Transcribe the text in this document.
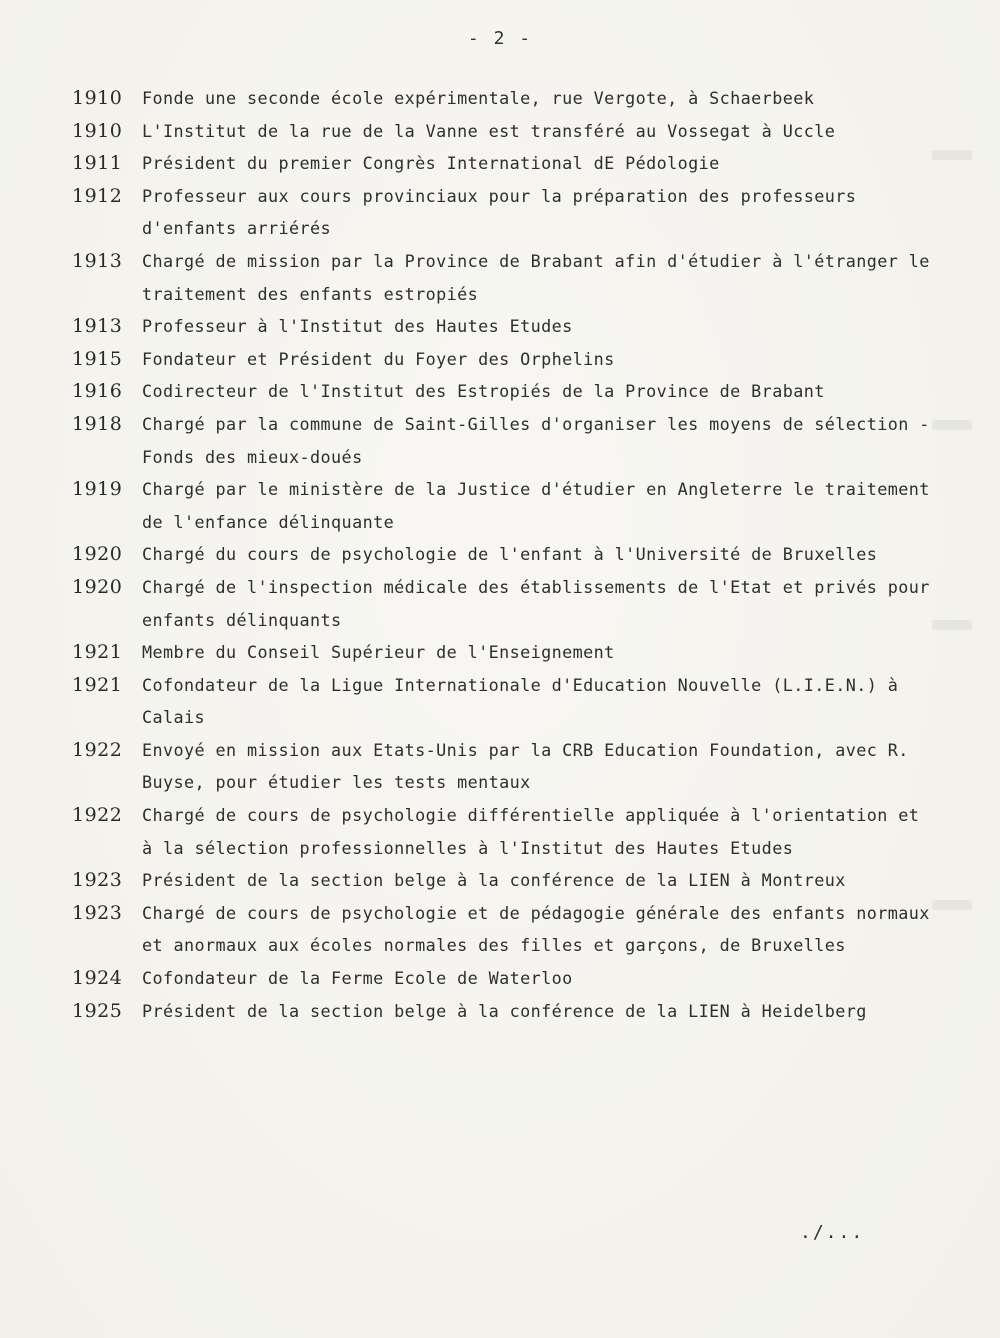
- 2 -
1910	Fonde une seconde école expérimentale, rue Vergote, à Schaerbeek
1910	L'Institut de la rue de la Vanne est transféré au Vossegat à Uccle
1911	Président du premier Congrès International dE Pédologie
1912	Professeur aux cours provinciaux pour la préparation des professeurs d'enfants arriérés
1913	Chargé de mission par la Province de Brabant afin d'étudier à l'étranger le traitement des enfants estropiés
1913	Professeur à l'Institut des Hautes Etudes
1915	Fondateur et Président du Foyer des Orphelins
1916	Codirecteur de l'Institut des Estropiés de la Province de Brabant
1918	Chargé par la commune de Saint-Gilles d'organiser les moyens de sélection -Fonds des mieux-doués
1919	Chargé par le ministère de la Justice d'étudier en Angleterre le traitement de l'enfance délinquante
1920	Chargé du cours de psychologie de l'enfant à l'Université de Bruxelles
1920	Chargé de l'inspection médicale des établissements de l'Etat et privés pour enfants délinquants
1921	Membre du Conseil Supérieur de l'Enseignement
1921	Cofondateur de la Ligue Internationale d'Education Nouvelle (L.I.E.N.) à Calais
1922	Envoyé en mission aux Etats-Unis par la CRB Education Foundation, avec R. Buyse, pour étudier les tests mentaux
1922	Chargé de cours de psychologie différentielle appliquée à l'orientation et à la sélection professionnelles à l'Institut des Hautes Etudes
1923	Président de la section belge à la conférence de la LIEN à Montreux
1923	Chargé de cours de psychologie et de pédagogie générale des enfants normaux et anormaux aux écoles normales des filles et garçons, de Bruxelles
1924	Cofondateur de la Ferme Ecole de Waterloo
1925	Président de la section belge à la conférence de la LIEN à Heidelberg
./...
